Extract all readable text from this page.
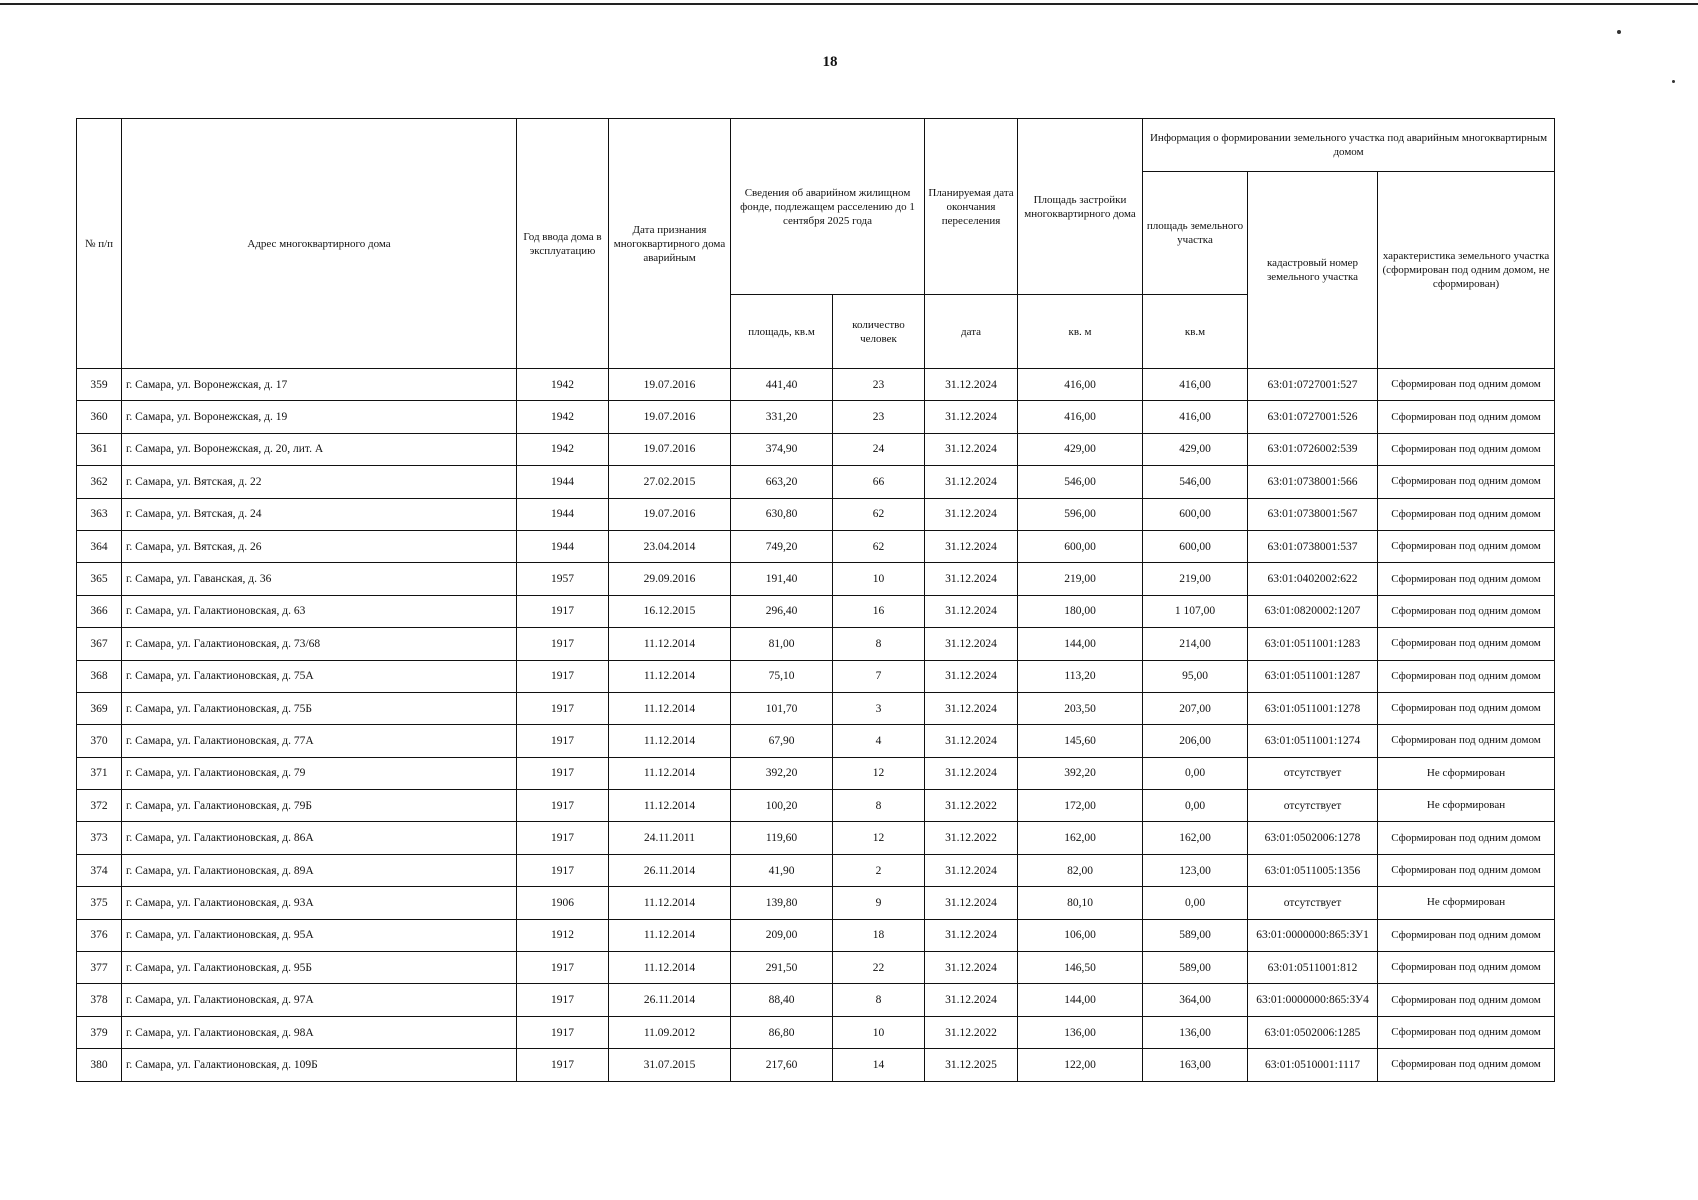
18
№ п/п	Адрес многоквартирного дома	Год ввода дома в эксплуатацию	Дата признания многоквартирного дома аварийным	Сведения об аварийном жилищном фонде, подлежащем расселению до 1 сентября 2025 года		Планируемая дата окончания переселения	Площадь застройки многоквартирного дома	Информация о формировании земельного участка под аварийным многоквартирным домом		
								площадь земельного участка	кадастровый номер земельного участка	характеристика земельного участка (сформирован под одним домом, не сформирован)
				площадь, кв.м	количество человек	дата	кв. м	кв.м		
359	г. Самара, ул. Воронежская, д. 17	1942	19.07.2016	441,40	23	31.12.2024	416,00	416,00	63:01:0727001:527	Сформирован под одним домом
360	г. Самара, ул. Воронежская, д. 19	1942	19.07.2016	331,20	23	31.12.2024	416,00	416,00	63:01:0727001:526	Сформирован под одним домом
361	г. Самара, ул. Воронежская, д. 20, лит. А	1942	19.07.2016	374,90	24	31.12.2024	429,00	429,00	63:01:0726002:539	Сформирован под одним домом
362	г. Самара, ул. Вятская, д. 22	1944	27.02.2015	663,20	66	31.12.2024	546,00	546,00	63:01:0738001:566	Сформирован под одним домом
363	г. Самара, ул. Вятская, д. 24	1944	19.07.2016	630,80	62	31.12.2024	596,00	600,00	63:01:0738001:567	Сформирован под одним домом
364	г. Самара, ул. Вятская, д. 26	1944	23.04.2014	749,20	62	31.12.2024	600,00	600,00	63:01:0738001:537	Сформирован под одним домом
365	г. Самара, ул. Гаванская, д. 36	1957	29.09.2016	191,40	10	31.12.2024	219,00	219,00	63:01:0402002:622	Сформирован под одним домом
366	г. Самара, ул. Галактионовская, д. 63	1917	16.12.2015	296,40	16	31.12.2024	180,00	1 107,00	63:01:0820002:1207	Сформирован под одним домом
367	г. Самара, ул. Галактионовская, д. 73/68	1917	11.12.2014	81,00	8	31.12.2024	144,00	214,00	63:01:0511001:1283	Сформирован под одним домом
368	г. Самара, ул. Галактионовская, д. 75А	1917	11.12.2014	75,10	7	31.12.2024	113,20	95,00	63:01:0511001:1287	Сформирован под одним домом
369	г. Самара, ул. Галактионовская, д. 75Б	1917	11.12.2014	101,70	3	31.12.2024	203,50	207,00	63:01:0511001:1278	Сформирован под одним домом
370	г. Самара, ул. Галактионовская, д. 77А	1917	11.12.2014	67,90	4	31.12.2024	145,60	206,00	63:01:0511001:1274	Сформирован под одним домом
371	г. Самара, ул. Галактионовская, д. 79	1917	11.12.2014	392,20	12	31.12.2024	392,20	0,00	отсутствует	Не сформирован
372	г. Самара, ул. Галактионовская, д. 79Б	1917	11.12.2014	100,20	8	31.12.2022	172,00	0,00	отсутствует	Не сформирован
373	г. Самара, ул. Галактионовская, д. 86А	1917	24.11.2011	119,60	12	31.12.2022	162,00	162,00	63:01:0502006:1278	Сформирован под одним домом
374	г. Самара, ул. Галактионовская, д. 89А	1917	26.11.2014	41,90	2	31.12.2024	82,00	123,00	63:01:0511005:1356	Сформирован под одним домом
375	г. Самара, ул. Галактионовская, д. 93А	1906	11.12.2014	139,80	9	31.12.2024	80,10	0,00	отсутствует	Не сформирован
376	г. Самара, ул. Галактионовская, д. 95А	1912	11.12.2014	209,00	18	31.12.2024	106,00	589,00	63:01:0000000:865:ЗУ1	Сформирован под одним домом
377	г. Самара, ул. Галактионовская, д. 95Б	1917	11.12.2014	291,50	22	31.12.2024	146,50	589,00	63:01:0511001:812	Сформирован под одним домом
378	г. Самара, ул. Галактионовская, д. 97А	1917	26.11.2014	88,40	8	31.12.2024	144,00	364,00	63:01:0000000:865:ЗУ4	Сформирован под одним домом
379	г. Самара, ул. Галактионовская, д. 98А	1917	11.09.2012	86,80	10	31.12.2022	136,00	136,00	63:01:0502006:1285	Сформирован под одним домом
380	г. Самара, ул. Галактионовская, д. 109Б	1917	31.07.2015	217,60	14	31.12.2025	122,00	163,00	63:01:0510001:1117	Сформирован под одним домом
